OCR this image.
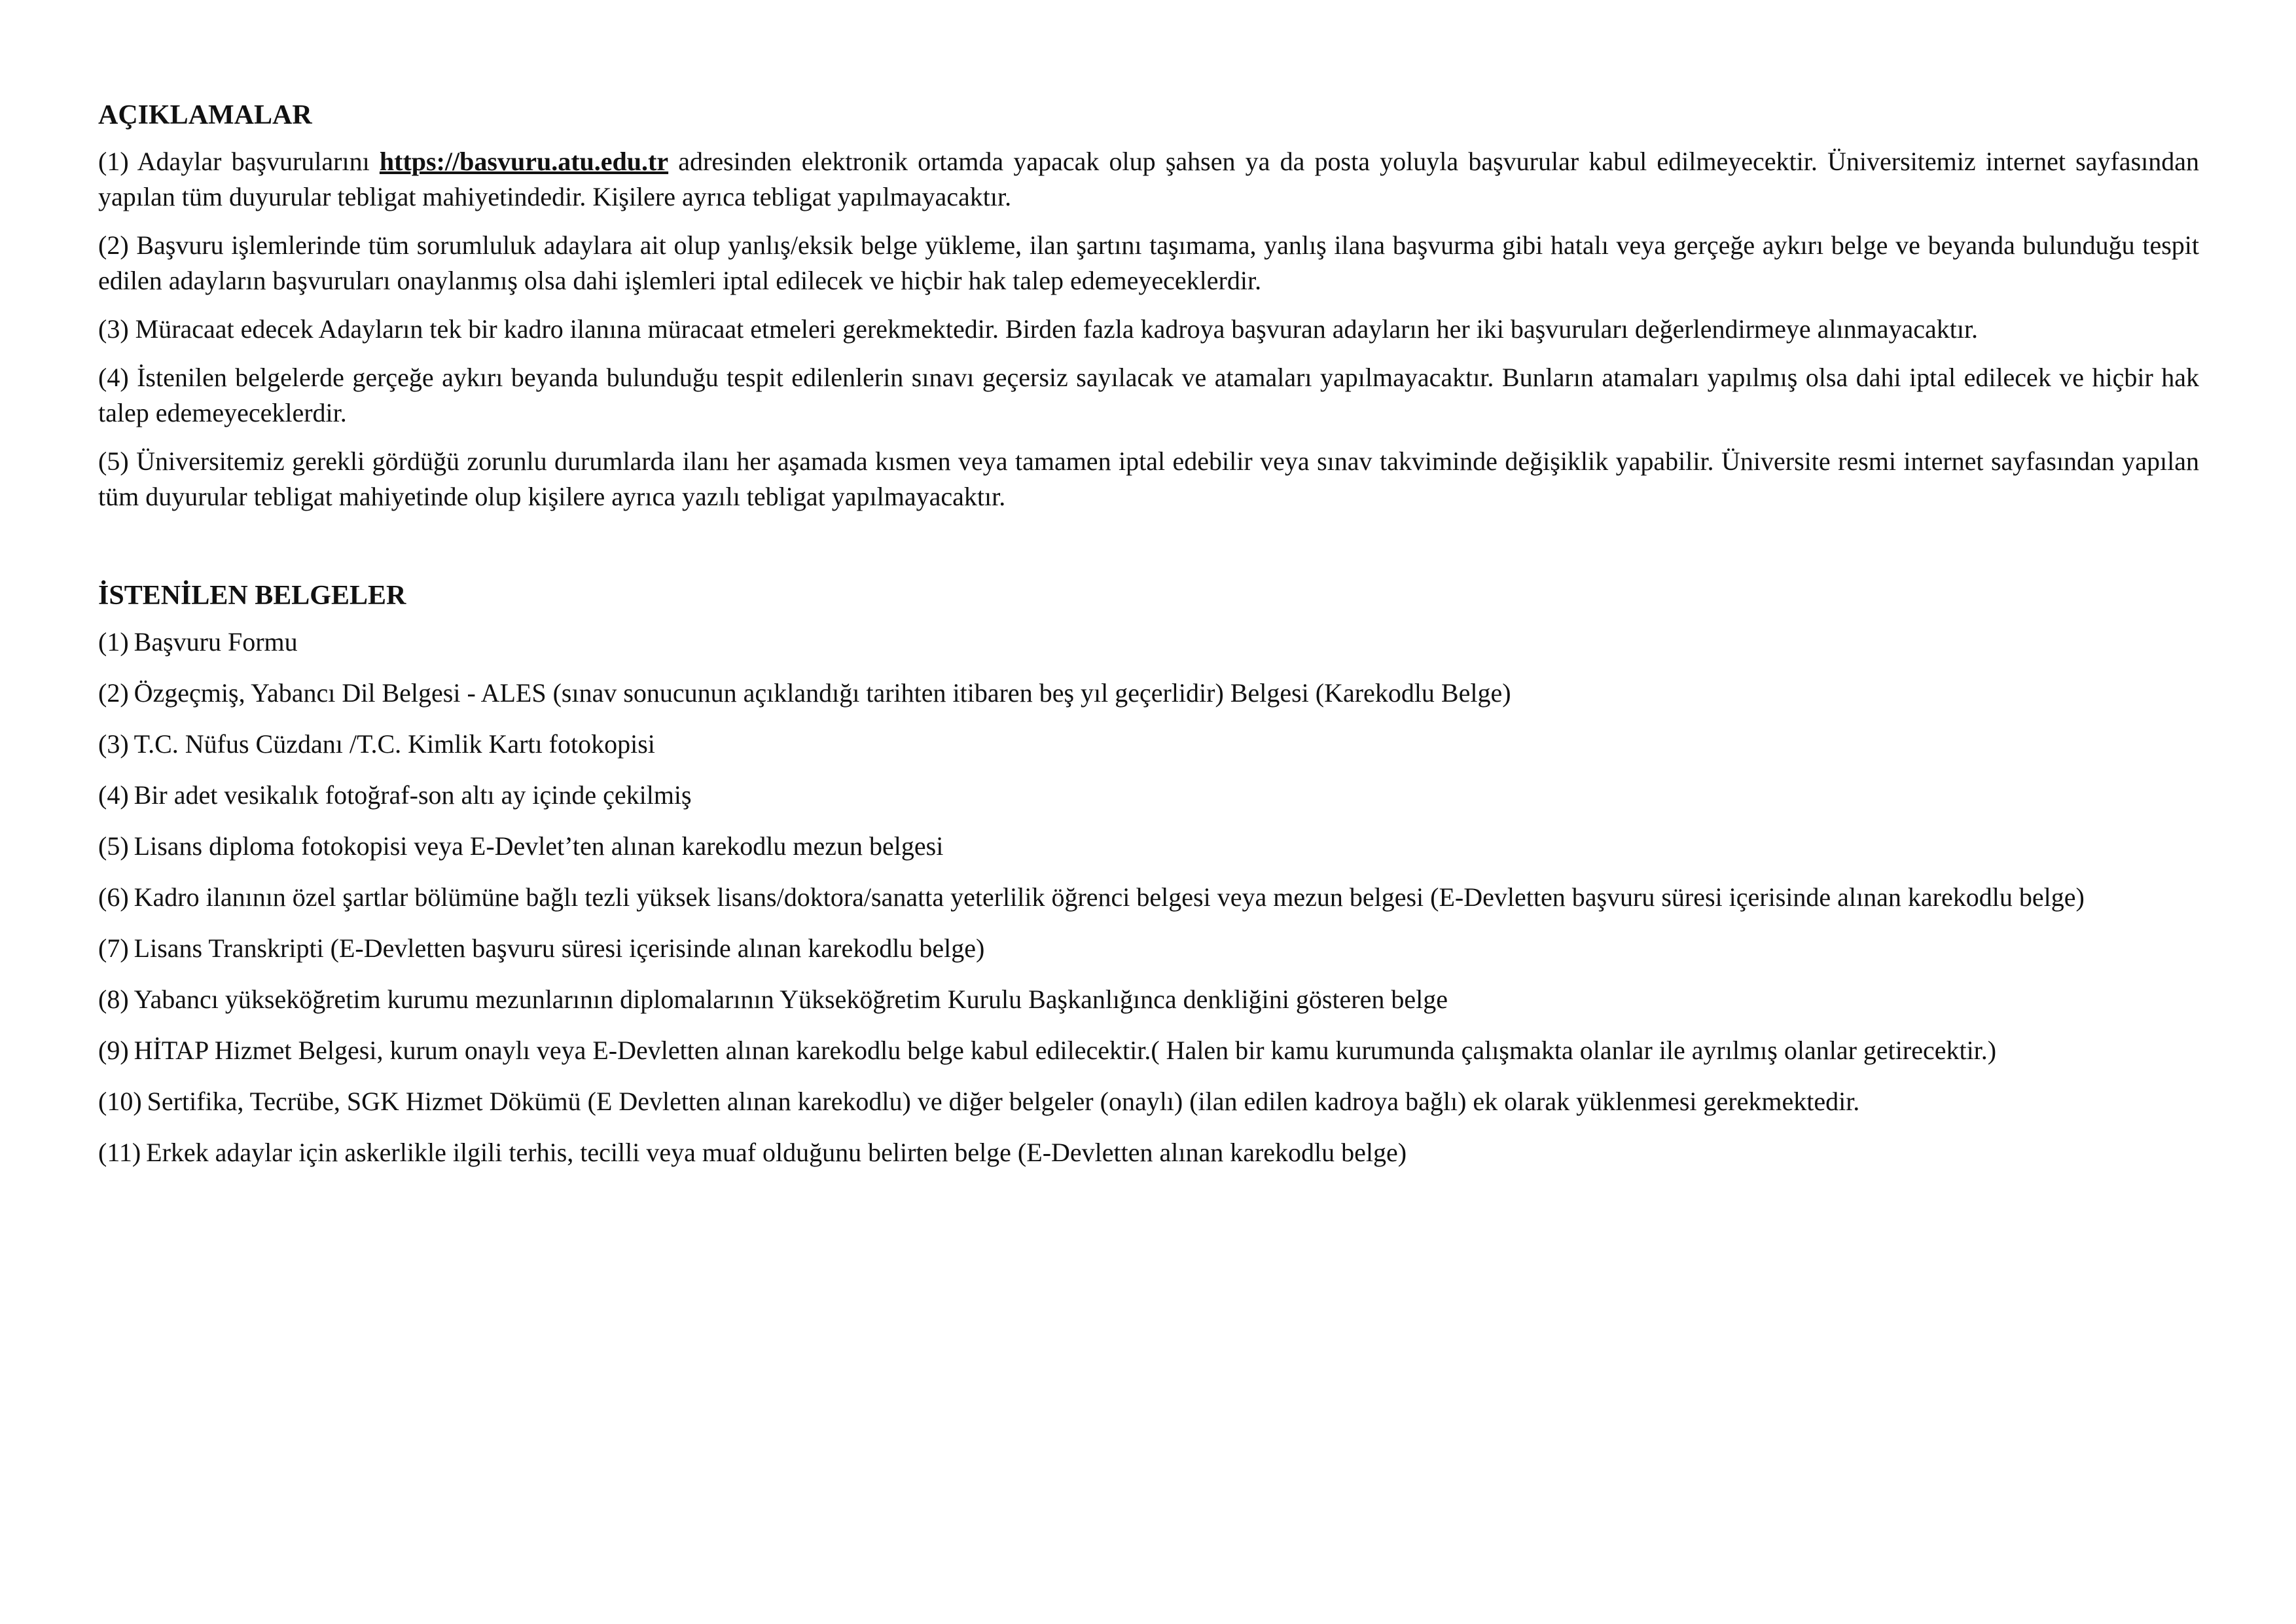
AÇIKLAMALAR
(1) Adaylar başvurularını https://basvuru.atu.edu.tr adresinden elektronik ortamda yapacak olup şahsen ya da posta yoluyla başvurular kabul edilmeyecektir. Üniversitemiz internet sayfasından yapılan tüm duyurular tebligat mahiyetindedir. Kişilere ayrıca tebligat yapılmayacaktır.
(2) Başvuru işlemlerinde tüm sorumluluk adaylara ait olup yanlış/eksik belge yükleme, ilan şartını taşımama, yanlış ilana başvurma gibi hatalı veya gerçeğe aykırı belge ve beyanda bulunduğu tespit edilen adayların başvuruları onaylanmış olsa dahi işlemleri iptal edilecek ve hiçbir hak talep edemeyeceklerdir.
(3) Müracaat edecek Adayların tek bir kadro ilanına müracaat etmeleri gerekmektedir. Birden fazla kadroya başvuran adayların her iki başvuruları değerlendirmeye alınmayacaktır.
(4) İstenilen belgelerde gerçeğe aykırı beyanda bulunduğu tespit edilenlerin sınavı geçersiz sayılacak ve atamaları yapılmayacaktır. Bunların atamaları yapılmış olsa dahi iptal edilecek ve hiçbir hak talep edemeyeceklerdir.
(5) Üniversitemiz gerekli gördüğü zorunlu durumlarda ilanı her aşamada kısmen veya tamamen iptal edebilir veya sınav takviminde değişiklik yapabilir. Üniversite resmi internet sayfasından yapılan tüm duyurular tebligat mahiyetinde olup kişilere ayrıca yazılı tebligat yapılmayacaktır.
İSTENİLEN BELGELER
(1) Başvuru Formu
(2) Özgeçmiş, Yabancı Dil Belgesi - ALES (sınav sonucunun açıklandığı tarihten itibaren beş yıl geçerlidir) Belgesi (Karekodlu Belge)
(3) T.C. Nüfus Cüzdanı /T.C. Kimlik Kartı fotokopisi
(4) Bir adet vesikalık fotoğraf-son altı ay içinde çekilmiş
(5) Lisans diploma fotokopisi veya E-Devlet’ten alınan karekodlu mezun belgesi
(6) Kadro ilanının özel şartlar bölümüne bağlı tezli yüksek lisans/doktora/sanatta yeterlilik öğrenci belgesi veya mezun belgesi (E-Devletten başvuru süresi içerisinde alınan karekodlu belge)
(7) Lisans Transkripti (E-Devletten başvuru süresi içerisinde alınan karekodlu belge)
(8) Yabancı yükseköğretim kurumu mezunlarının diplomalarının Yükseköğretim Kurulu Başkanlığınca denkliğini gösteren belge
(9) HİTAP Hizmet Belgesi, kurum onaylı veya E-Devletten alınan karekodlu belge kabul edilecektir.( Halen bir kamu kurumunda çalışmakta olanlar ile ayrılmış olanlar getirecektir.)
(10) Sertifika, Tecrübe, SGK Hizmet Dökümü (E Devletten alınan karekodlu) ve diğer belgeler (onaylı) (ilan edilen kadroya bağlı) ek olarak yüklenmesi gerekmektedir.
(11) Erkek adaylar için askerlikle ilgili terhis, tecilli veya muaf olduğunu belirten belge (E-Devletten alınan karekodlu belge)
